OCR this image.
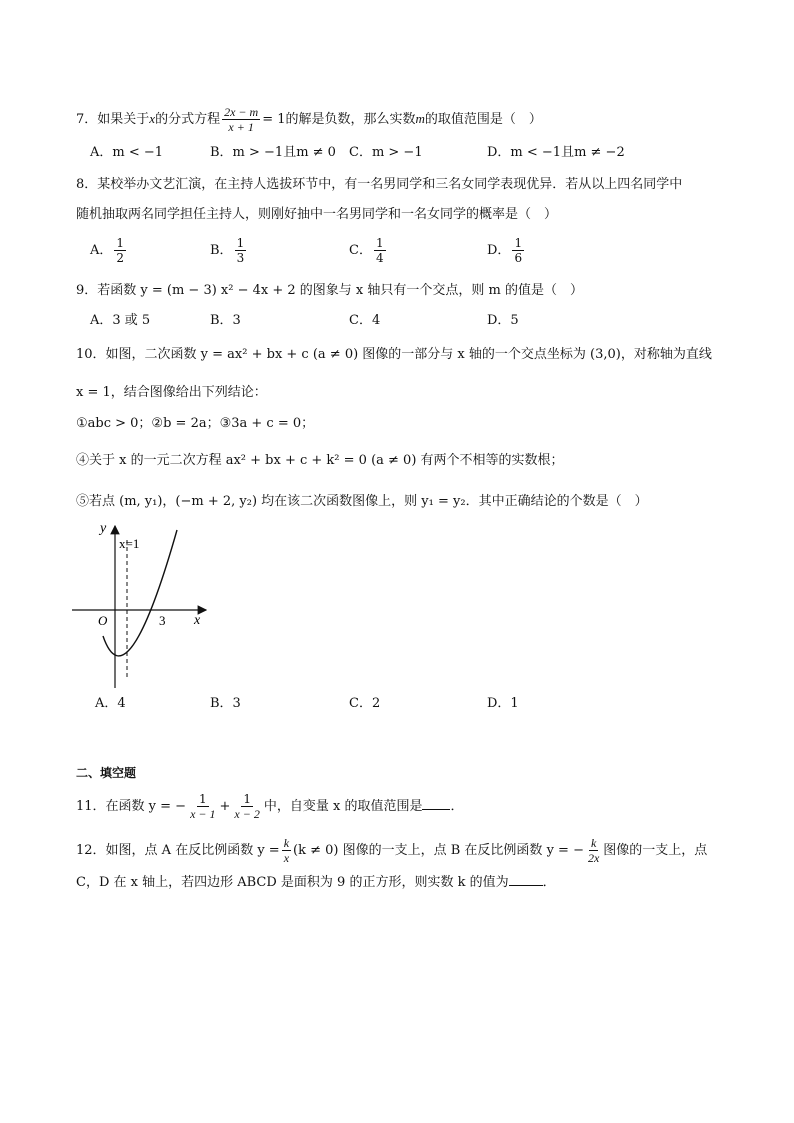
7．如果关于x的分式方程 $\frac{2x - m}{x + 1} = 1$的解是负数，那么实数m的取值范围是（　）
A．m < −1	B．m > −1且m ≠ 0 C．m > −1	D．m < −1且m ≠ −2
8．某校举办文艺汇演，在主持人选拔环节中，有一名男同学和三名女同学表现优异．若从以上四名同学中
随机抽取两名同学担任主持人，则刚好抽中一名男同学和一名女同学的概率是（　）
A． $\frac{1}{2}$	B． $\frac{1}{3}$	C． $\frac{1}{4}$	D． $\frac{1}{6}$
9．若函数 y = (m − 3) x² − 4x + 2 的图象与 x 轴只有一个交点，则 m 的值是（　）
A．3 或 5	B．3	C．4	D．5
10．如图，二次函数 y = ax² + bx + c (a ≠ 0) 图像的一部分与 x 轴的一个交点坐标为 (3,0)，对称轴为直线
x = 1，结合图像给出下列结论：
①abc > 0；②b = 2a；③3a + c = 0；
④关于 x 的一元二次方程 ax² + bx + c + k² = 0 (a ≠ 0) 有两个不相等的实数根；
⑤若点 (m, y₁)，(−m + 2, y₂) 均在该二次函数图像上，则 y₁ = y₂．其中正确结论的个数是（　）
y
x=1
O	3 x
A．4	B．3	C．2	D．1
二、填空题
11．在函数 y = − $\frac{1}{x - 1} + \frac{1}{x - 2}$ 中，自变量 x 的取值范围是 ．
12．如图，点 A 在反比例函数 $y = \frac{k}{x} (k \ne 0)$ 图像的一支上，点 B 在反比例函数 y = − $\frac{k}{2x}$ 图像的一支上，点
C，D 在 x 轴上，若四边形 ABCD 是面积为 9 的正方形，则实数 k 的值为	．
